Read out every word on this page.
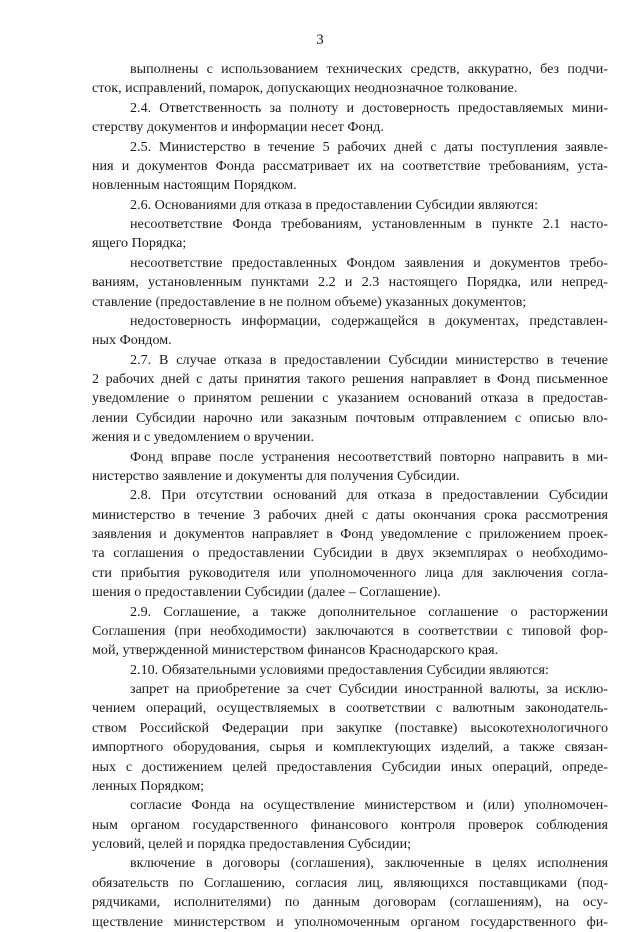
3
выполнены с использованием технических средств, аккуратно, без подчи-
сток, исправлений, помарок, допускающих неоднозначное толкование.
2.4. Ответственность за полноту и достоверность предоставляемых мини-
стерству документов и информации несет Фонд.
2.5. Министерство в течение 5 рабочих дней с даты поступления заявле-
ния и документов Фонда рассматривает их на соответствие требованиям, уста-
новленным настоящим Порядком.
2.6. Основаниями для отказа в предоставлении Субсидии являются:
несоответствие Фонда требованиям, установленным в пункте 2.1 насто-
ящего Порядка;
несоответствие предоставленных Фондом заявления и документов требо-
ваниям, установленным пунктами 2.2 и 2.3 настоящего Порядка, или непред-
ставление (предоставление в не полном объеме) указанных документов;
недостоверность информации, содержащейся в документах, представлен-
ных Фондом.
2.7. В случае отказа в предоставлении Субсидии министерство в течение
2 рабочих дней с даты принятия такого решения направляет в Фонд письменное
уведомление о принятом решении с указанием оснований отказа в предостав-
лении Субсидии нарочно или заказным почтовым отправлением с описью вло-
жения и с уведомлением о вручении.
Фонд вправе после устранения несоответствий повторно направить в ми-
нистерство заявление и документы для получения Субсидии.
2.8. При отсутствии оснований для отказа в предоставлении Субсидии
министерство в течение 3 рабочих дней с даты окончания срока рассмотрения
заявления и документов направляет в Фонд уведомление с приложением проек-
та соглашения о предоставлении Субсидии в двух экземплярах о необходимо-
сти прибытия руководителя или уполномоченного лица для заключения согла-
шения о предоставлении Субсидии (далее – Соглашение).
2.9. Соглашение, а также дополнительное соглашение о расторжении
Соглашения (при необходимости) заключаются в соответствии с типовой фор-
мой, утвержденной министерством финансов Краснодарского края.
2.10. Обязательными условиями предоставления Субсидии являются:
запрет на приобретение за счет Субсидии иностранной валюты, за исклю-
чением операций, осуществляемых в соответствии с валютным законодатель-
ством Российской Федерации при закупке (поставке) высокотехнологичного
импортного оборудования, сырья и комплектующих изделий, а также связан-
ных с достижением целей предоставления Субсидии иных операций, опреде-
ленных Порядком;
согласие Фонда на осуществление министерством и (или) уполномочен-
ным органом государственного финансового контроля проверок соблюдения
условий, целей и порядка предоставления Субсидии;
включение в договоры (соглашения), заключенные в целях исполнения
обязательств по Соглашению, согласия лиц, являющихся поставщиками (под-
рядчиками, исполнителями) по данным договорам (соглашениям), на осу-
ществление министерством и уполномоченным органом государственного фи-
